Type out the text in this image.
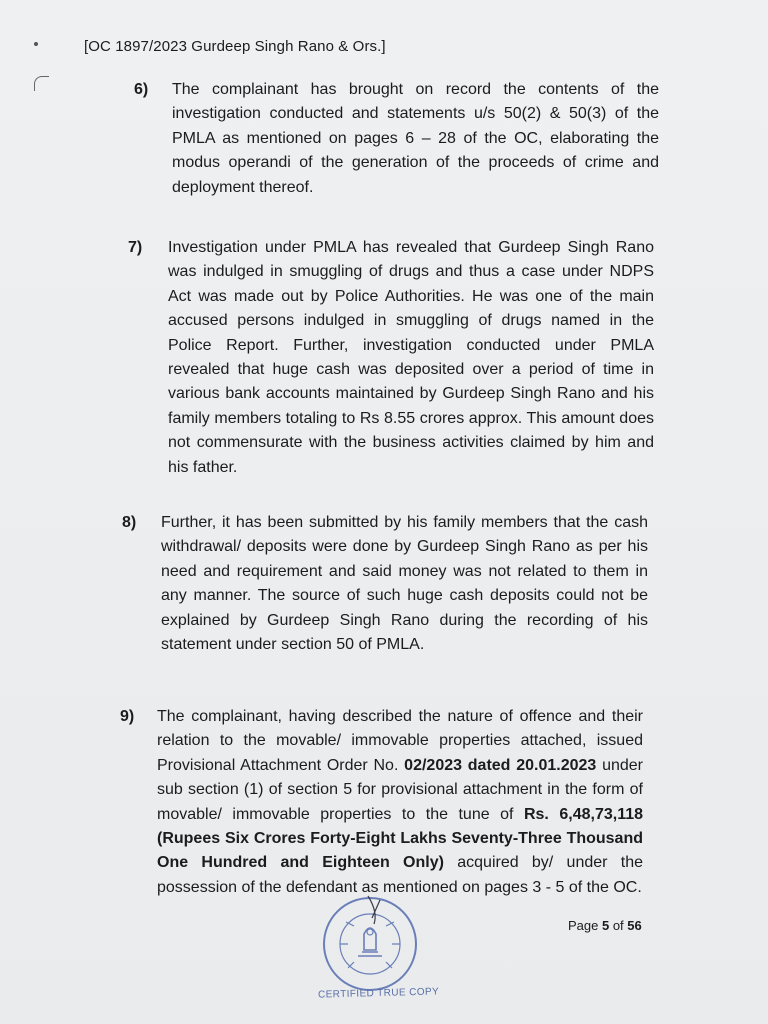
[OC 1897/2023 Gurdeep Singh Rano & Ors.]
6) The complainant has brought on record the contents of the investigation conducted and statements u/s 50(2) & 50(3) of the PMLA as mentioned on pages 6 – 28 of the OC, elaborating the modus operandi of the generation of the proceeds of crime and deployment thereof.
7) Investigation under PMLA has revealed that Gurdeep Singh Rano was indulged in smuggling of drugs and thus a case under NDPS Act was made out by Police Authorities. He was one of the main accused persons indulged in smuggling of drugs named in the Police Report. Further, investigation conducted under PMLA revealed that huge cash was deposited over a period of time in various bank accounts maintained by Gurdeep Singh Rano and his family members totaling to Rs 8.55 crores approx. This amount does not commensurate with the business activities claimed by him and his father.
8) Further, it has been submitted by his family members that the cash withdrawal/ deposits were done by Gurdeep Singh Rano as per his need and requirement and said money was not related to them in any manner. The source of such huge cash deposits could not be explained by Gurdeep Singh Rano during the recording of his statement under section 50 of PMLA.
9) The complainant, having described the nature of offence and their relation to the movable/ immovable properties attached, issued Provisional Attachment Order No. 02/2023 dated 20.01.2023 under sub section (1) of section 5 for provisional attachment in the form of movable/ immovable properties to the tune of Rs. 6,48,73,118 (Rupees Six Crores Forty-Eight Lakhs Seventy-Three Thousand One Hundred and Eighteen Only) acquired by/ under the possession of the defendant as mentioned on pages 3 - 5 of the OC.
Page 5 of 56
CERTIFIED TRUE COPY
